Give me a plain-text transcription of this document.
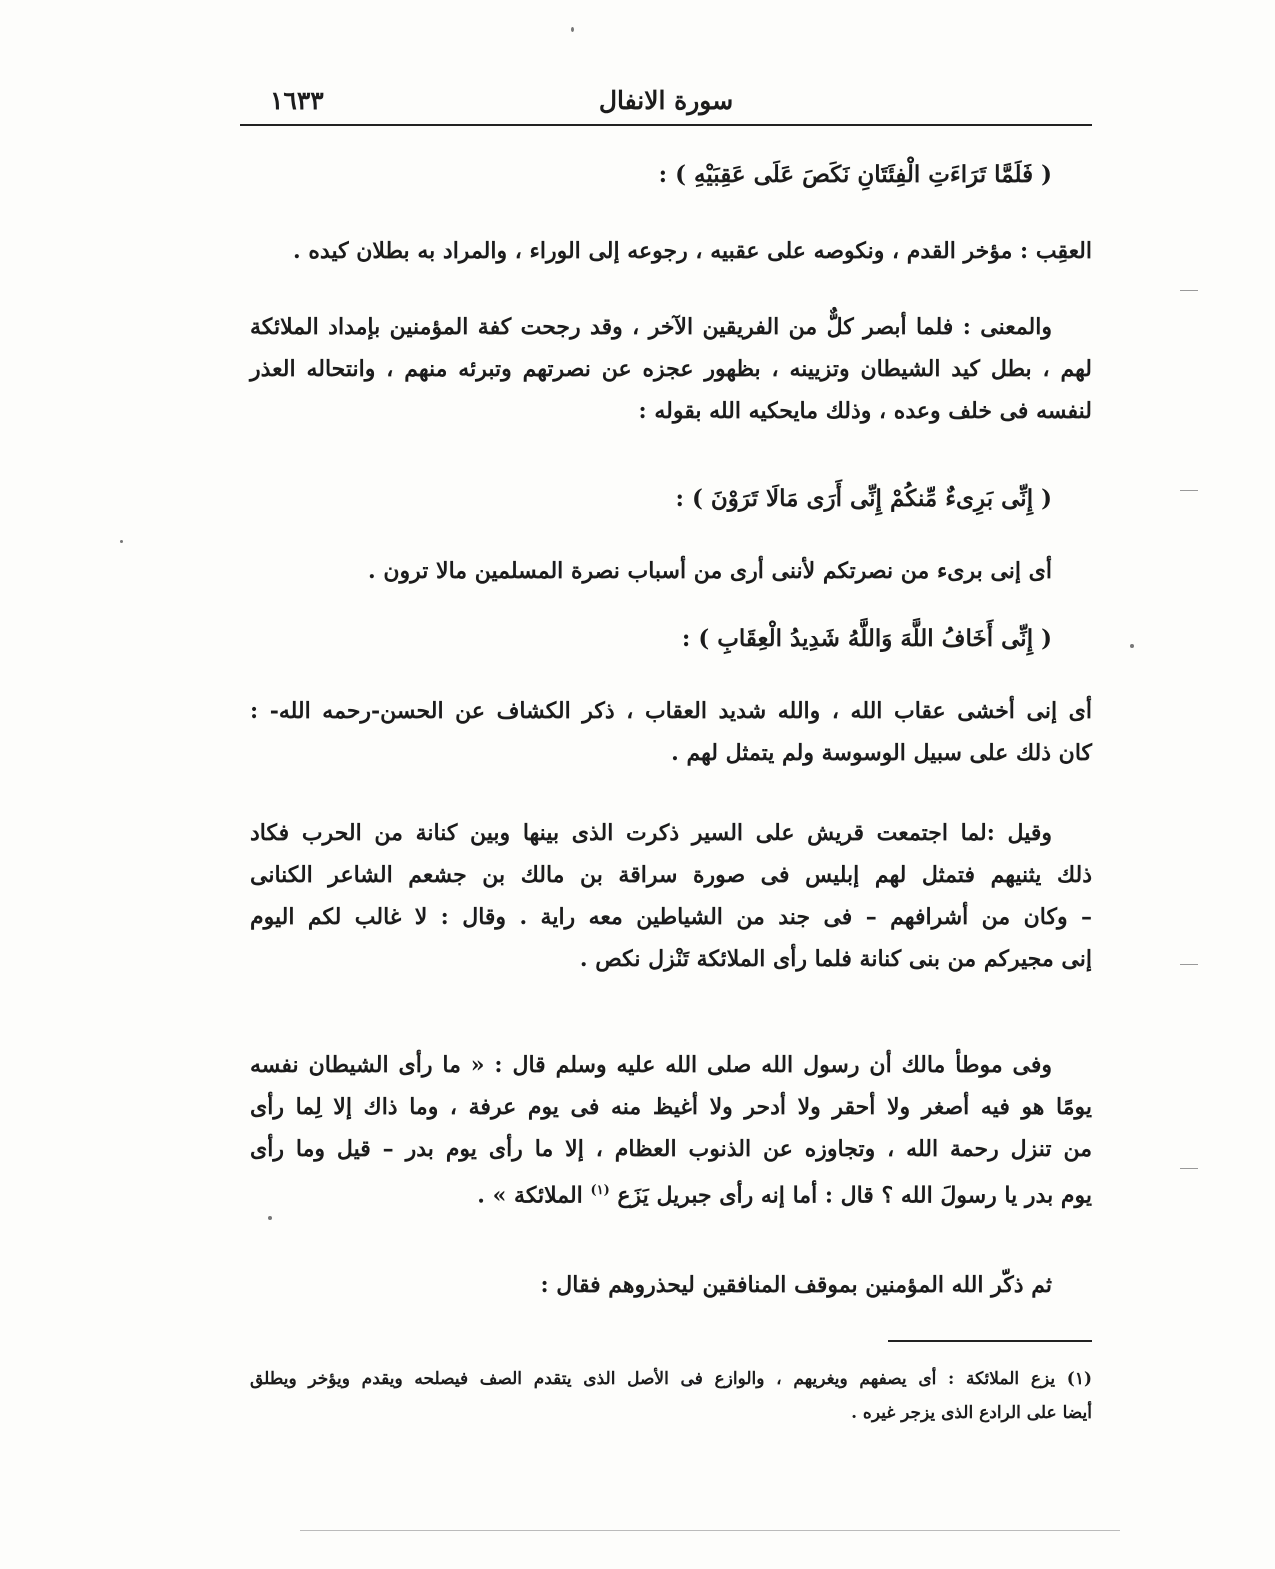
سورة الانفال
١٦٣٣
( فَلَمَّا تَرَاءَتِ الْفِئَتَانِ نَكَصَ عَلَى عَقِبَيْهِ ) :
العقِب : مؤخر القدم ، ونكوصه على عقبيه ، رجوعه إلى الوراء ، والمراد به بطلان كيده .
والمعنى : فلما أبصر كلٌّ من الفريقين الآخر ، وقد رجحت كفة المؤمنين بإمداد الملائكة
لهم ، بطل كيد الشيطان وتزيينه ، بظهور عجزه عن نصرتهم وتبرئه منهم ، وانتحاله العذر
لنفسه فى خلف وعده ، وذلك مايحكيه الله بقوله :
( إِنِّى بَرِىءٌ مِّنكُمْ إِنِّى أَرَى مَالَا تَرَوْنَ ) :
أى إنى برىء من نصرتكم لأننى أرى من أسباب نصرة المسلمين مالا ترون .
( إِنِّى أَخَافُ اللَّهَ وَاللَّهُ شَدِيدُ الْعِقَابِ ) :
أى إنى أخشى عقاب الله ، والله شديد العقاب ، ذكر الكشاف عن الحسن-رحمه الله- :
كان ذلك على سبيل الوسوسة ولم يتمثل لهم .
وقيل :لما اجتمعت قريش على السير ذكرت الذى بينها وبين كنانة من الحرب فكاد
ذلك يثنيهم فتمثل لهم إبليس فى صورة سراقة بن مالك بن جشعم الشاعر الكنانى
– وكان من أشرافهم – فى جند من الشياطين معه راية . وقال : لا غالب لكم اليوم
إنى مجيركم من بنى كنانة فلما رأى الملائكة تَنْزل نكص .
وفى موطأ مالك أن رسول الله صلى الله عليه وسلم قال : « ما رأى الشيطان نفسه
يومًا هو فيه أصغر ولا أحقر ولا أدحر ولا أغيظ منه فى يوم عرفة ، وما ذاك إلا لِما رأى
من تنزل رحمة الله ، وتجاوزه عن الذنوب العظام ، إلا ما رأى يوم بدر – قيل وما رأى
يوم بدر يا رسولَ الله ؟ قال : أما إنه رأى جبريل يَزَع $^{(١)}$ الملائكة » .
ثم ذكّر الله المؤمنين بموقف المنافقين ليحذروهم فقال :
(١) يزع الملائكة : أى يصفهم ويغريهم ، والوازع فى الأصل الذى يتقدم الصف فيصلحه ويقدم ويؤخر ويطلق
أيضا على الرادع الذى يزجر غيره .
